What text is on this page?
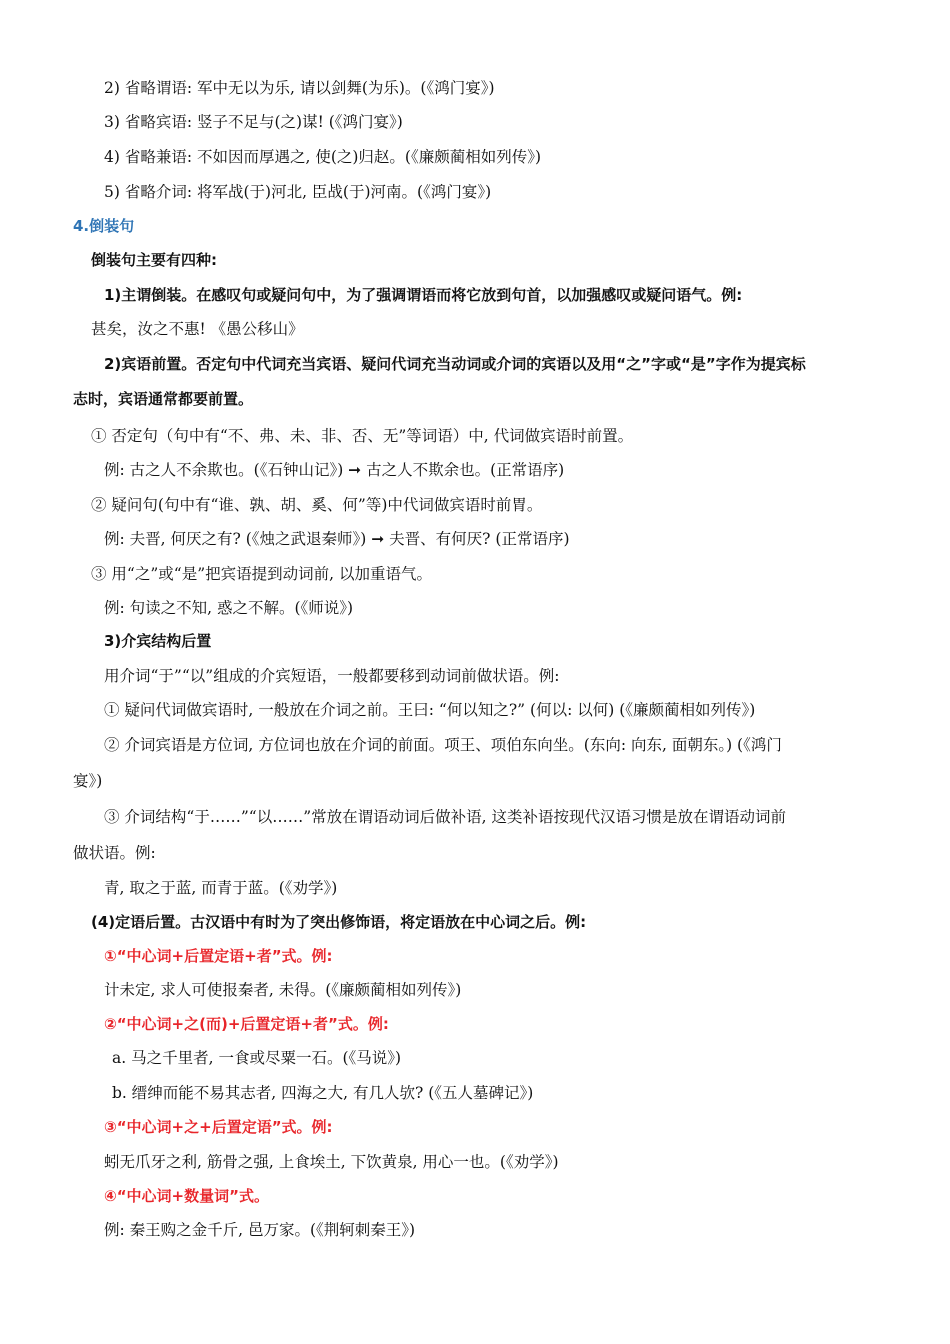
2) 省略谓语: 军中无以为乐, 请以剑舞(为乐)。(《鸿门宴》)
3) 省略宾语: 竖子不足与(之)谋! (《鸿门宴》)
4) 省略兼语: 不如因而厚遇之, 使(之)归赵。(《廉颇蔺相如列传》)
5) 省略介词: 将军战(于)河北, 臣战(于)河南。(《鸿门宴》)
4.倒装句
倒装句主要有四种:
1)主谓倒装。在感叹句或疑问句中，为了强调谓语而将它放到句首，以加强感叹或疑问语气。例:
甚矣，汝之不惠! 《愚公移山》
2)宾语前置。否定句中代词充当宾语、疑问代词充当动词或介词的宾语以及用“之”字或“是”字作为提宾标
志时，宾语通常都要前置。
① 否定句（句中有“不、弗、未、非、否、无”等词语）中, 代词做宾语时前置。
例: 古之人不余欺也。(《石钟山记》) ➞ 古之人不欺余也。(正常语序)
② 疑问句(句中有“谁、孰、胡、奚、何”等)中代词做宾语时前胃。
例: 夫晋, 何厌之有? (《烛之武退秦师》) ➞ 夫晋、有何厌? (正常语序)
③ 用“之”或“是”把宾语提到动词前, 以加重语气。
例: 句读之不知, 惑之不解。(《师说》)
3)介宾结构后置
用介词“于”“以”组成的介宾短语，一般都要移到动词前做状语。例:
① 疑问代词做宾语时, 一般放在介词之前。王曰: “何以知之?” (何以: 以何) (《廉颇蔺相如列传》)
② 介词宾语是方位词, 方位词也放在介词的前面。项王、项伯东向坐。(东向: 向东, 面朝东。) (《鸿门
宴》)
③ 介词结构“于……”“以……”常放在谓语动词后做补语, 这类补语按现代汉语习惯是放在谓语动词前
做状语。例:
青, 取之于蓝, 而青于蓝。(《劝学》)
(4)定语后置。古汉语中有时为了突出修饰语，将定语放在中心词之后。例:
①“中心词+后置定语+者”式。例:
计未定, 求人可使报秦者, 未得。(《廉颇蔺相如列传》)
②“中心词+之(而)+后置定语+者”式。例:
a. 马之千里者, 一食或尽粟一石。(《马说》)
b. 缙绅而能不易其志者, 四海之大, 有几人欤? (《五人墓碑记》)
③“中心词+之+后置定语”式。例:
蚓无爪牙之利, 筋骨之强, 上食埃土, 下饮黄泉, 用心一也。(《劝学》)
④“中心词+数量词”式。
例: 秦王购之金千斤, 邑万家。(《荆轲刺秦王》)
